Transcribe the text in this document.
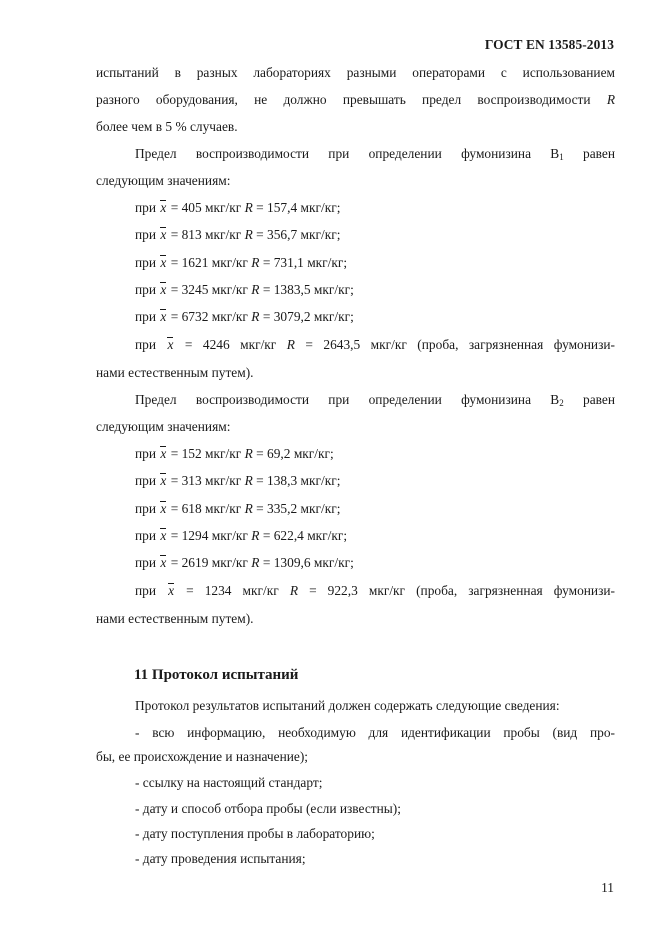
ГОСТ EN 13585-2013
испытаний в разных лабораториях разными операторами с использованием
разного оборудования, не должно превышать предел воспроизводимости R
более чем в 5 % случаев.
Предел воспроизводимости при определении фумонизина $В_1$ равен
следующим значениям:
при x = 405 мкг/кг R = 157,4 мкг/кг;
при x = 813 мкг/кг R = 356,7 мкг/кг;
при x = 1621 мкг/кг R = 731,1 мкг/кг;
при x = 3245 мкг/кг R = 1383,5 мкг/кг;
при x = 6732 мкг/кг R = 3079,2 мкг/кг;
при x = 4246 мкг/кг R = 2643,5 мкг/кг (проба, загрязненная фумонизи-
нами естественным путем).
Предел воспроизводимости при определении фумонизина $В_2$ равен
следующим значениям:
при x = 152 мкг/кг R = 69,2 мкг/кг;
при x = 313 мкг/кг R = 138,3 мкг/кг;
при x = 618 мкг/кг R = 335,2 мкг/кг;
при x = 1294 мкг/кг R = 622,4 мкг/кг;
при x = 2619 мкг/кг R = 1309,6 мкг/кг;
при x = 1234 мкг/кг R = 922,3 мкг/кг (проба, загрязненная фумонизи-
нами естественным путем).
11 Протокол испытаний
Протокол результатов испытаний должен содержать следующие сведения:
- всю информацию, необходимую для идентификации пробы (вид про-
бы, ее происхождение и назначение);
- ссылку на настоящий стандарт;
- дату и способ отбора пробы (если известны);
- дату поступления пробы в лабораторию;
- дату проведения испытания;
11
